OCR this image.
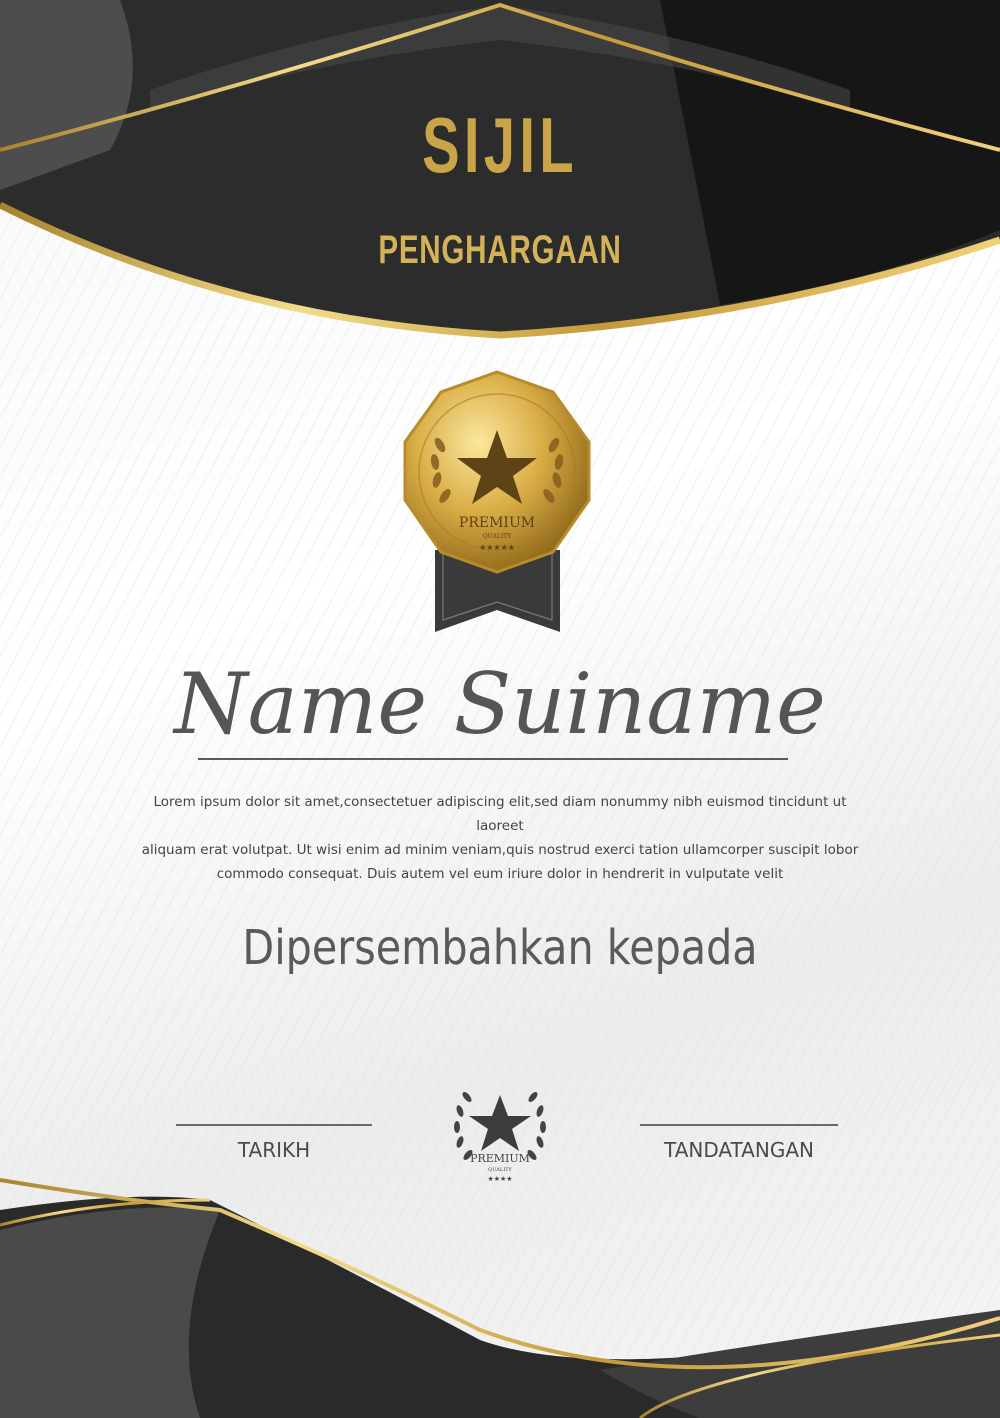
SIJIL
PENGHARGAAN
PREMIUM
QUALITY
★★★★★
Name Suiname
Lorem ipsum dolor sit amet,consectetuer adipiscing elit,sed diam nonummy nibh euismod tincidunt ut laoreet
aliquam erat volutpat. Ut wisi enim ad minim veniam,quis nostrud exerci tation ullamcorper suscipit lobor
commodo consequat. Duis autem vel eum iriure dolor in hendrerit in vulputate velit
Dipersembahkan kepada
TARIKH	TANDATANGAN
PREMIUM
QUALITY
★★★★
